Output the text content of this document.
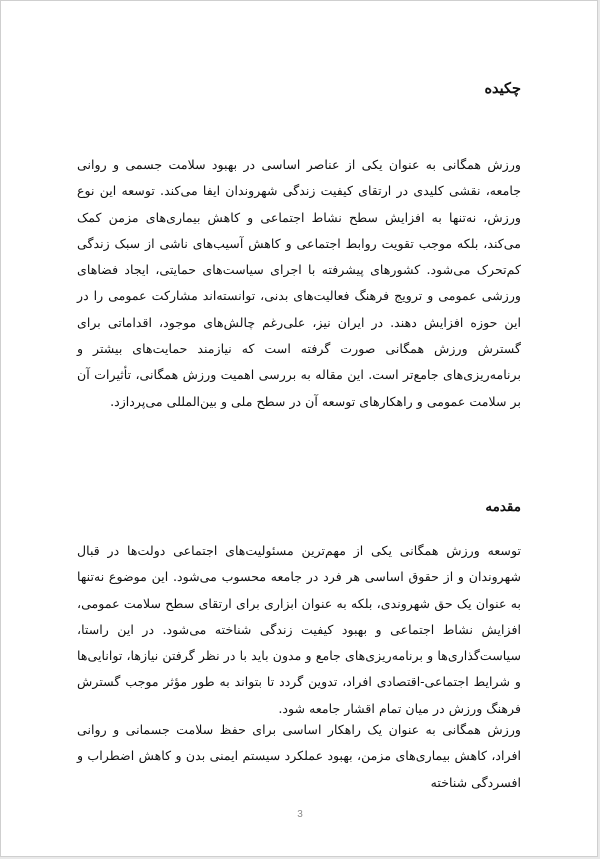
چکیده

ورزش همگانی به عنوان یکی از عناصر اساسی در بهبود سلامت جسمی و روانی جامعه، نقشی کلیدی در ارتقای کیفیت زندگی شهروندان ایفا می‌کند. توسعه این نوع ورزش، نه‌تنها به افزایش سطح نشاط اجتماعی و کاهش بیماری‌های مزمن کمک می‌کند، بلکه موجب تقویت روابط اجتماعی و کاهش آسیب‌های ناشی از سبک زندگی کم‌تحرک می‌شود. کشورهای پیشرفته با اجرای سیاست‌های حمایتی، ایجاد فضاهای ورزشی عمومی و ترویج فرهنگ فعالیت‌های بدنی، توانسته‌اند مشارکت عمومی را در این حوزه افزایش دهند. در ایران نیز، علی‌رغم چالش‌های موجود، اقداماتی برای گسترش ورزش همگانی صورت گرفته است که نیازمند حمایت‌های بیشتر و برنامه‌ریزی‌های جامع‌تر است. این مقاله به بررسی اهمیت ورزش همگانی، تأثیرات آن بر سلامت عمومی و راهکارهای توسعه آن در سطح ملی و بین‌المللی می‌پردازد.

مقدمه

توسعه ورزش همگانی یکی از مهم‌ترین مسئولیت‌های اجتماعی دولت‌ها در قبال شهروندان و از حقوق اساسی هر فرد در جامعه محسوب می‌شود. این موضوع نه‌تنها به عنوان یک حق شهروندی، بلکه به عنوان ابزاری برای ارتقای سطح سلامت عمومی، افزایش نشاط اجتماعی و بهبود کیفیت زندگی شناخته می‌شود. در این راستا، سیاست‌گذاری‌ها و برنامه‌ریزی‌های جامع و مدون باید با در نظر گرفتن نیازها، توانایی‌ها و شرایط اجتماعی-اقتصادی افراد، تدوین گردد تا بتواند به طور مؤثر موجب گسترش فرهنگ ورزش در میان تمام اقشار جامعه شود.

ورزش همگانی به عنوان یک راهکار اساسی برای حفظ سلامت جسمانی و روانی افراد، کاهش بیماری‌های مزمن، بهبود عملکرد سیستم ایمنی بدن و کاهش اضطراب و افسردگی شناخته

3
